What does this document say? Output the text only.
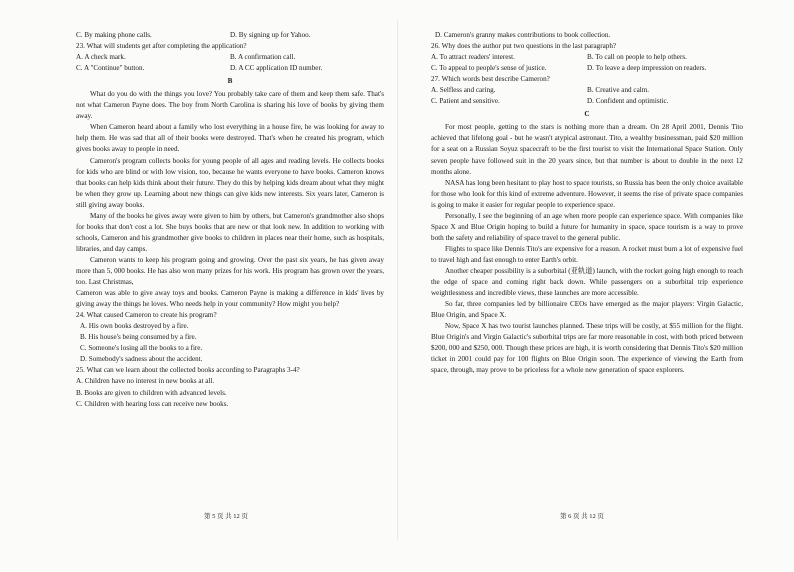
C. By making phone calls.	D. By signing up for Yahoo.

23. What will students get after completing the application?

A. A check mark.	B. A confirmation call.
C. A "Continue" button.	D. A CC application ID number.
B

What do you do with the things you love? You probably take care of them and keep them safe. That's not what Cameron Payne does. The boy from North Carolina is sharing his love of books by giving them away.

When Cameron heard about a family who lost everything in a house fire, he was looking for away to help them. He was sad that all of their books were destroyed. That's when he created his program, which gives books away to people in need.

Cameron's program collects books for young people of all ages and reading levels. He collects books for kids who are blind or with low vision, too, because he wants everyone to have books. Cameron knows that books can help kids think about their future. They do this by helping kids dream about what they might be when they grow up. Learning about new things can give kids new interests. Six years later, Cameron is still giving away books.

Many of the books he gives away were given to him by others, but Cameron's grandmother also shops for books that don't cost a lot. She buys books that are new or that look new. In addition to working with schools, Cameron and his grandmother give books to children in places near their home, such as hospitals, libraries, and day camps.

Cameron wants to keep his program going and growing. Over the past six years, he has given away more than 5, 000 books. He has also won many prizes for his work. His program has grown over the years, too. Last Christmas,

Cameron was able to give away toys and books. Cameron Payne is making a difference in kids' lives by giving away the things he loves. Who needs help in your community? How might you help?

24. What caused Cameron to create his program?

A. His own books destroyed by a fire.

B. His house's being consumed by a fire.

C. Someone's losing all the books to a fire.

D. Somebody's sadness about the accident.

25. What can we learn about the collected books according to Paragraphs 3-4?

A. Children have no interest in new books at all.

B. Books are given to children with advanced levels.

C. Children with hearing loss can receive new books.

D. Cameron's granny makes contributions to book collection.

26. Why does the author put two questions in the last paragraph?

A. To attract readers' interest.	B. To call on people to help others.
C. To appeal to people's sense of justice.	D. To leave a deep impression on readers.

27. Which words best describe Cameron?

A. Selfless and caring.	B. Creative and calm.
C. Patient and sensitive.	D. Confident and optimistic.
C

For most people, getting to the stars is nothing more than a dream. On 28 April 2001, Dennis Tito achieved that lifelong goal - but he wasn't atypical astronaut. Tito, a wealthy businessman, paid $20 million for a seat on a Russian Soyuz spacecraft to be the first tourist to visit the International Space Station. Only seven people have followed suit in the 20 years since, but that number is about to double in the next 12 months alone.

NASA has long been hesitant to play host to space tourists, so Russia has been the only choice available for those who look for this kind of extreme adventure. However, it seems the rise of private space companies is going to make it easier for regular people to experience space.

Personally, I see the beginning of an age when more people can experience space. With companies like Space X and Blue Origin hoping to build a future for humanity in space, space tourism is a way to prove both the safety and reliability of space travel to the general public.

Flights to space like Dennis Tito's are expensive for a reason. A rocket must burn a lot of expensive fuel to travel high and fast enough to enter Earth's orbit.

Another cheaper possibility is a suborbital (亚轨道) launch, with the rocket going high enough to reach the edge of space and coming right back down. While passengers on a suborbital trip experience weightlessness and incredible views, these launches are more accessible.

So far, three companies led by billionaire CEOs have emerged as the major players: Virgin Galactic, Blue Origin, and Space X.

Now, Space X has two tourist launches planned. These trips will be costly, at $55 million for the flight. Blue Origin's and Virgin Galactic's suborbital trips are far more reasonable in cost, with both priced between $200, 000 and $250, 000. Though these prices are high, it is worth considering that Dennis Tito's $20 million ticket in 2001 could pay for 100 flights on Blue Origin soon. The experience of viewing the Earth from space, through, may prove to be priceless for a whole new generation of space explorers.

第 5 页 共 12 页	第 6 页 共 12 页
